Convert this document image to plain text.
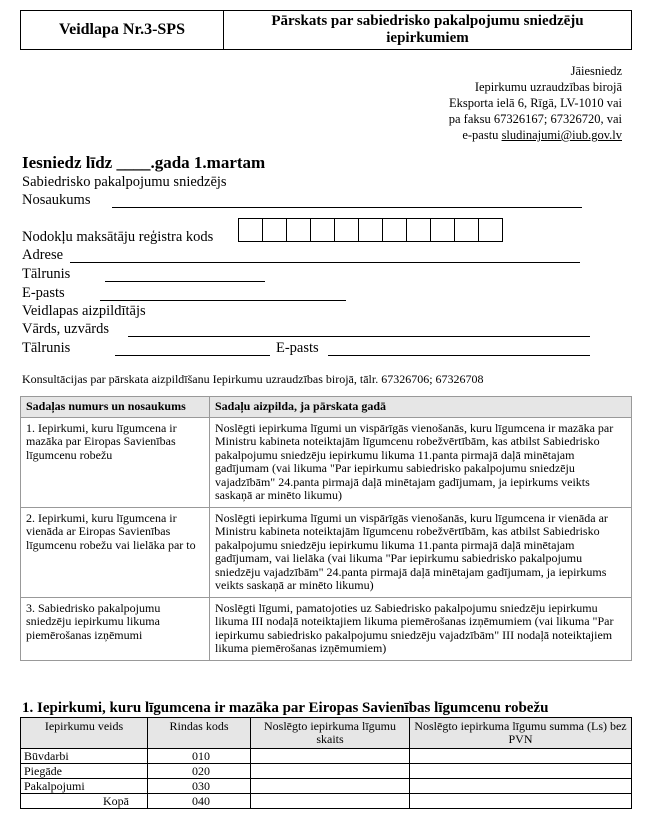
Veidlapa Nr.3-SPS	Pārskats par sabiedrisko pakalpojumu sniedzēju iepirkumiem
Jāiesniedz
Iepirkumu uzraudzības birojā
Eksporta ielā 6, Rīgā, LV-1010 vai
pa faksu 67326167; 67326720, vai
e-pastu sludinajumi@iub.gov.lv
Iesniedz līdz ____.gada 1.martam
Sabiedrisko pakalpojumu sniedzējs
Nosaukums
Nodokļu maksātāju reģistra kods
Adrese
Tālrunis
E-pasts
Veidlapas aizpildītājs
Vārds, uzvārds
Tālrunis	E-pasts
Konsultācijas par pārskata aizpildīšanu Iepirkumu uzraudzības birojā, tālr. 67326706; 67326708
Sadaļas numurs un nosaukums	Sadaļu aizpilda, ja pārskata gadā
1. Iepirkumi, kuru līgumcena ir mazāka par Eiropas Savienības līgumcenu robežu	Noslēgti iepirkuma līgumi un vispārīgās vienošanās, kuru līgumcena ir mazāka par Ministru kabineta noteiktajām līgumcenu robežvērtībām, kas atbilst Sabiedrisko pakalpojumu sniedzēju iepirkumu likuma 11.panta pirmajā daļā minētajam gadījumam (vai likuma "Par iepirkumu sabiedrisko pakalpojumu sniedzēju vajadzībām" 24.panta pirmajā daļā minētajam gadījumam, ja iepirkums veikts saskaņā ar minēto likumu)
2. Iepirkumi, kuru līgumcena ir vienāda ar Eiropas Savienības līgumcenu robežu vai lielāka par to	Noslēgti iepirkuma līgumi un vispārīgās vienošanās, kuru līgumcena ir vienāda ar Ministru kabineta noteiktajām līgumcenu robežvērtībām, kas atbilst Sabiedrisko pakalpojumu sniedzēju iepirkumu likuma 11.panta pirmajā daļā minētajam gadījumam, vai lielāka (vai likuma "Par iepirkumu sabiedrisko pakalpojumu sniedzēju vajadzībām" 24.panta pirmajā daļā minētajam gadījumam, ja iepirkums veikts saskaņā ar minēto likumu)
3. Sabiedrisko pakalpojumu sniedzēju iepirkumu likuma piemērošanas izņēmumi	Noslēgti līgumi, pamatojoties uz Sabiedrisko pakalpojumu sniedzēju iepirkumu likuma III nodaļā noteiktajiem likuma piemērošanas izņēmumiem (vai likuma "Par iepirkumu sabiedrisko pakalpojumu sniedzēju vajadzībām" III nodaļā noteiktajiem likuma piemērošanas izņēmumiem)
1. Iepirkumi, kuru līgumcena ir mazāka par Eiropas Savienības līgumcenu robežu
Iepirkumu veids	Rindas kods	Noslēgto iepirkuma līgumu skaits	Noslēgto iepirkuma līgumu summa (Ls) bez PVN
Būvdarbi	010		
Piegāde	020		
Pakalpojumi	030		
Kopā	040		
